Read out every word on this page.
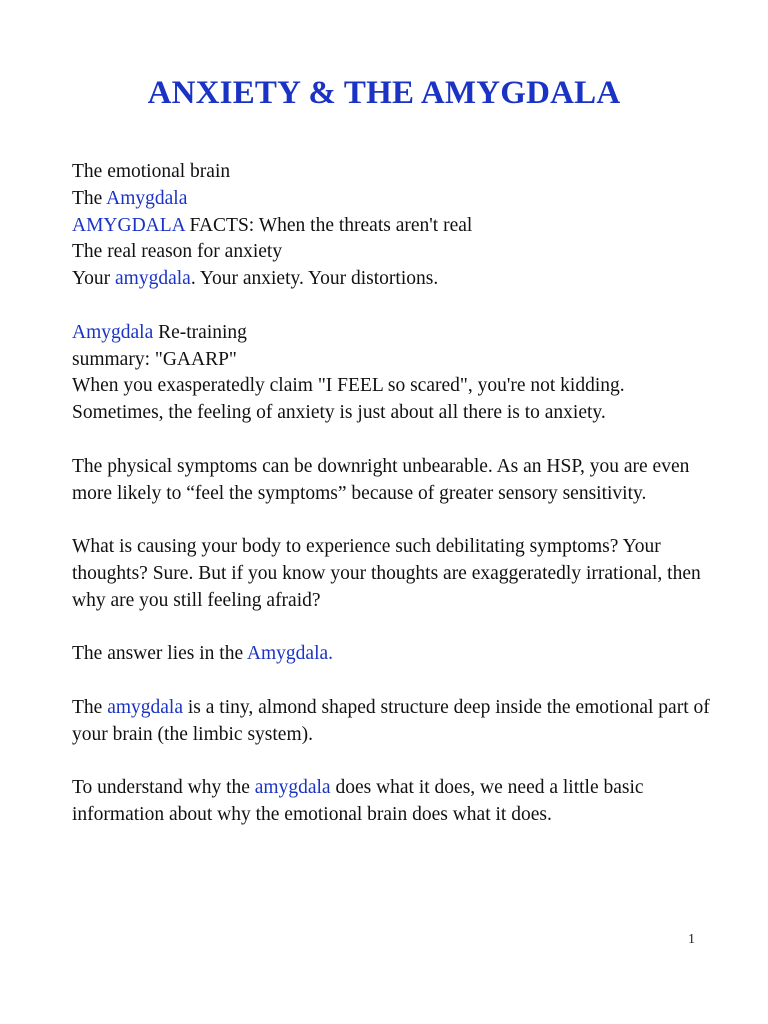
ANXIETY & THE AMYGDALA

The emotional brain
The Amygdala
AMYGDALA FACTS: When the threats aren't real
The real reason for anxiety
Your amygdala. Your anxiety. Your distortions.

Amygdala Re-training
summary: "GAARP"
When you exasperatedly claim "I FEEL so scared", you're not kidding. Sometimes, the feeling of anxiety is just about all there is to anxiety.

The physical symptoms can be downright unbearable. As an HSP, you are even more likely to “feel the symptoms” because of greater sensory sensitivity.

What is causing your body to experience such debilitating symptoms? Your thoughts? Sure. But if you know your thoughts are exaggeratedly irrational, then why are you still feeling afraid?

The answer lies in the Amygdala.

The amygdala is a tiny, almond shaped structure deep inside the emotional part of your brain (the limbic system).

To understand why the amygdala does what it does, we need a little basic information about why the emotional brain does what it does.

1
